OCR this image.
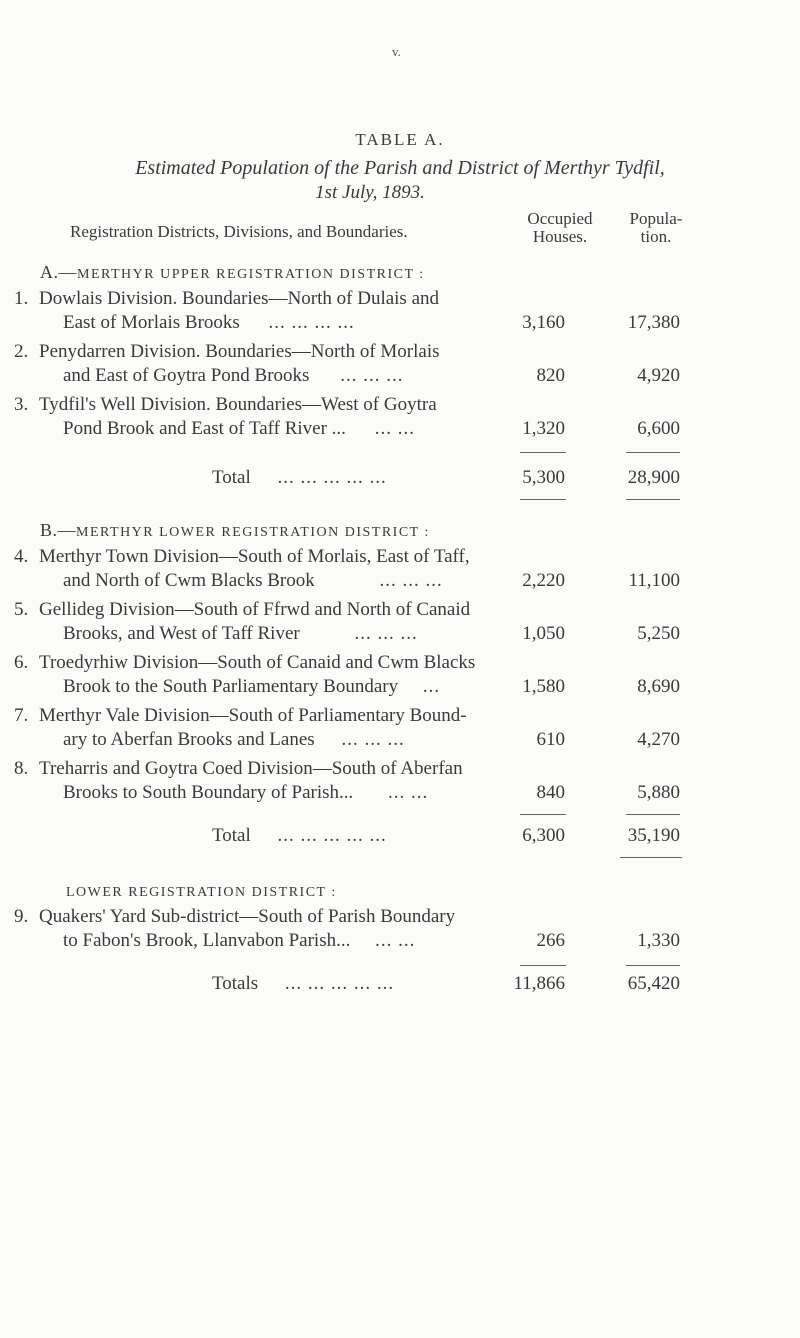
v.
TABLE A.
Estimated Population of the Parish and District of Merthyr Tydfil,
1st July, 1893.
Registration Districts, Divisions, and Boundaries.
Occupied
Houses.
Popula-
tion.
A.—MERTHYR UPPER REGISTRATION DISTRICT :
1. Dowlais Division. Boundaries—North of Dulais and
East of Morlais Brooks ... ... ... ...	3,160	17,380
2. Penydarren Division. Boundaries—North of Morlais
and East of Goytra Pond Brooks ... ... ...	820	4,920
3. Tydfil's Well Division. Boundaries—West of Goytra
Pond Brook and East of Taff River ... ... ...	1,320	6,600
Total ... ... ... ... ...	5,300	28,900
B.—MERTHYR LOWER REGISTRATION DISTRICT :
4. Merthyr Town Division—South of Morlais, East of Taff,
and North of Cwm Blacks Brook	... ... ...	2,220	11,100
5. Gellideg Division—South of Ffrwd and North of Canaid
Brooks, and West of Taff River	... ... ...	1,050	5,250
6. Troedyrhiw Division—South of Canaid and Cwm Blacks
Brook to the South Parliamentary Boundary ...	1,580	8,690
7. Merthyr Vale Division—South of Parliamentary Bound-
ary to Aberfan Brooks and Lanes ... ... ...	610	4,270
8. Treharris and Goytra Coed Division—South of Aberfan
Brooks to South Boundary of Parish... ... ...	840	5,880
Total ... ... ... ... ...	6,300	35,190
LOWER REGISTRATION DISTRICT :
9. Quakers' Yard Sub-district—South of Parish Boundary
to Fabon's Brook, Llanvabon Parish... ... ...	266	1,330
Totals ... ... ... ... ...	11,866	65,420
